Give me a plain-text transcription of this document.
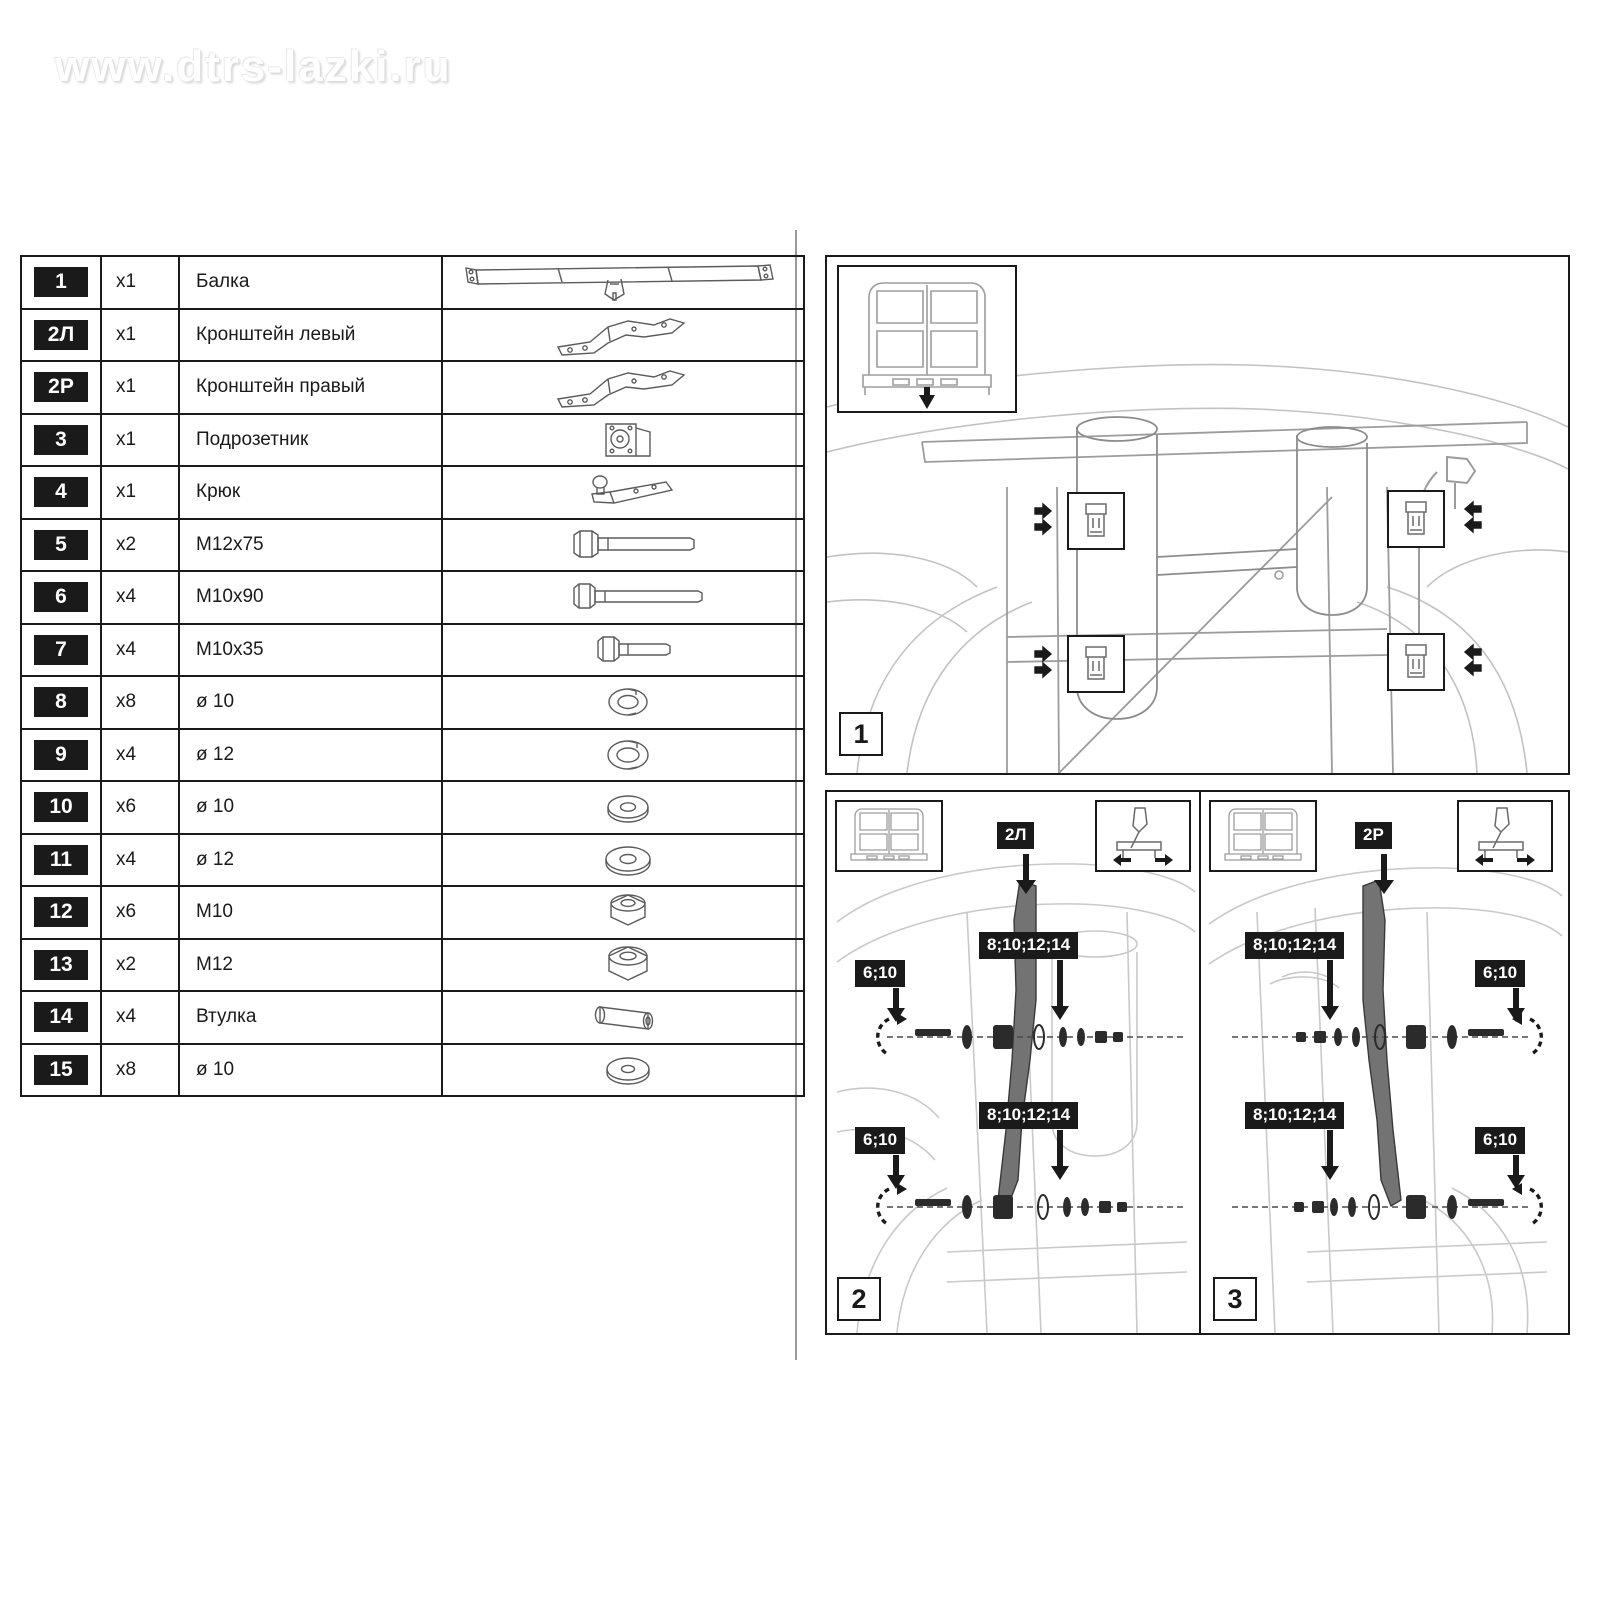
www.dtrs-lazki.ru
1	x1	Балка	

2Л	x1	Кронштейн левый	

2Р	x1	Кронштейн правый	

3	x1	Подрозетник	

4	x1	Крюк	

5	x2	M12x75	

6	x4	M10x90	

7	x4	M10x35	

8	x8	ø 10	

9	x4	ø 12	

10	x6	ø 10	

11	x4	ø 12	

12	x6	M10	

13	x2	M12	

14	x4	Втулка	

15	x8	ø 10	
1
2Л
6;10
8;10;12;14
6;10
8;10;12;14
2
2Р
8;10;12;14
6;10
8;10;12;14
6;10
3
